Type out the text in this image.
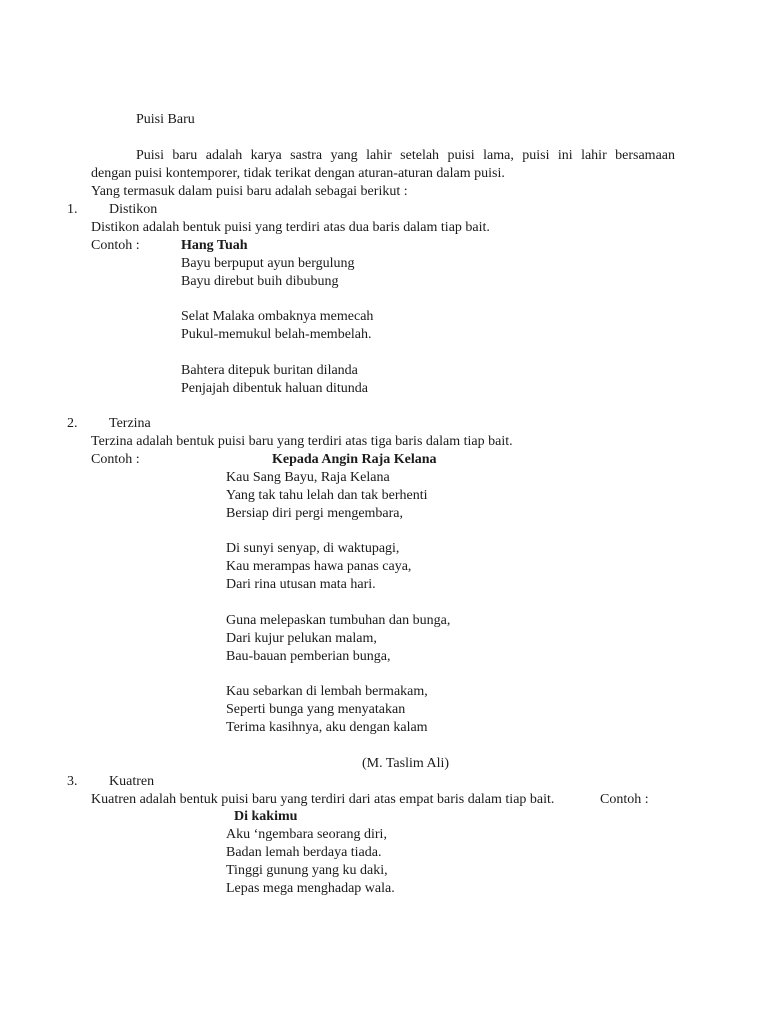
Puisi Baru
Puisi baru adalah karya sastra yang lahir setelah puisi lama, puisi ini lahir bersamaan
dengan puisi kontemporer, tidak terikat dengan aturan-aturan dalam puisi.
Yang termasuk dalam puisi baru adalah sebagai berikut :
1. Distikon
Distikon adalah bentuk puisi yang terdiri atas dua baris dalam tiap bait.
Contoh :	Hang Tuah
Bayu berpuput ayun bergulung
Bayu direbut buih dibubung
Selat Malaka ombaknya memecah
Pukul-memukul belah-membelah.
Bahtera ditepuk buritan dilanda
Penjajah dibentuk haluan ditunda
2. Terzina
Terzina adalah bentuk puisi baru yang terdiri atas tiga baris dalam tiap bait.
Contoh :	Kepada Angin Raja Kelana
Kau Sang Bayu, Raja Kelana
Yang tak tahu lelah dan tak berhenti
Bersiap diri pergi mengembara,
Di sunyi senyap, di waktupagi,
Kau merampas hawa panas caya,
Dari rina utusan mata hari.
Guna melepaskan tumbuhan dan bunga,
Dari kujur pelukan malam,
Bau-bauan pemberian bunga,
Kau sebarkan di lembah bermakam,
Seperti bunga yang menyatakan
Terima kasihnya, aku dengan kalam
(M. Taslim Ali)
3. Kuatren
Kuatren adalah bentuk puisi baru yang terdiri dari atas empat baris dalam tiap bait.	Contoh :
Di kakimu
Aku ‘ngembara seorang diri,
Badan lemah berdaya tiada.
Tinggi gunung yang ku daki,
Lepas mega menghadap wala.
